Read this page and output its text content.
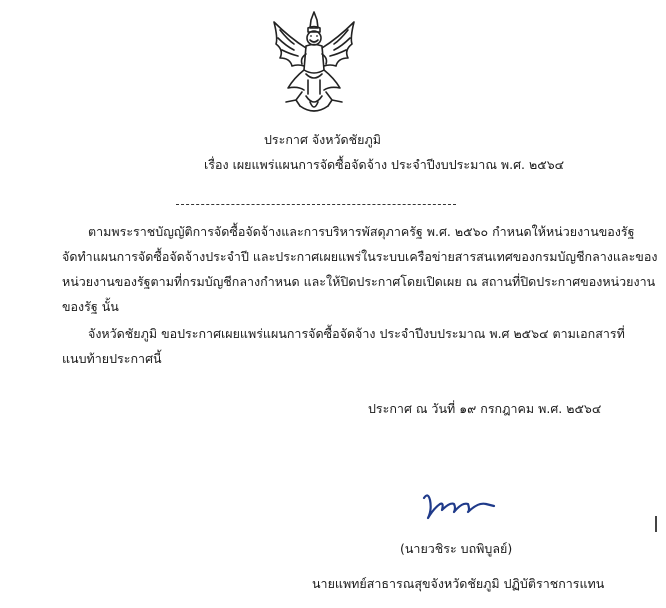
ประกาศ จังหวัดชัยภูมิ
เรื่อง เผยแพร่แผนการจัดซื้อจัดจ้าง ประจำปีงบประมาณ พ.ศ. ๒๕๖๔
ตามพระราชบัญญัติการจัดซื้อจัดจ้างและการบริหารพัสดุภาครัฐ พ.ศ. ๒๕๖๐ กำหนดให้หน่วยงานของรัฐ
จัดทำแผนการจัดซื้อจัดจ้างประจำปี และประกาศเผยแพร่ในระบบเครือข่ายสารสนเทศของกรมบัญชีกลางและของ
หน่วยงานของรัฐตามที่กรมบัญชีกลางกำหนด และให้ปิดประกาศโดยเปิดเผย ณ สถานที่ปิดประกาศของหน่วยงาน
ของรัฐ นั้น
จังหวัดชัยภูมิ ขอประกาศเผยแพร่แผนการจัดซื้อจัดจ้าง ประจำปีงบประมาณ พ.ศ ๒๕๖๔ ตามเอกสารที่
แนบท้ายประกาศนี้
ประกาศ ณ วันที่ ๑๙ กรกฎาคม พ.ศ. ๒๕๖๔
(นายวชิระ บถพิบูลย์)
นายแพทย์สาธารณสุขจังหวัดชัยภูมิ ปฏิบัติราชการแทน
